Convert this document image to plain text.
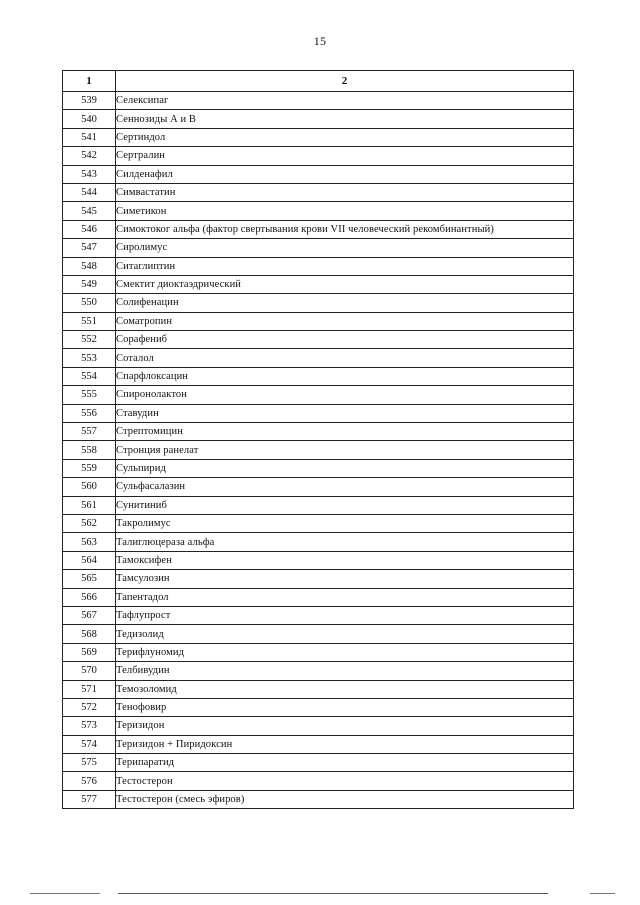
15
1	2
539	Селексипаг
540	Сеннозиды А и В
541	Сертиндол
542	Сертралин
543	Силденафил
544	Симвастатин
545	Симетикон
546	Симоктоког альфа (фактор свертывания крови VII человеческий рекомбинантный)
547	Сиролимус
548	Ситаглиптин
549	Смектит диоктаэдрический
550	Солифенацин
551	Соматропин
552	Сорафениб
553	Соталол
554	Спарфлоксацин
555	Спиронолактон
556	Ставудин
557	Стрептомицин
558	Стронция ранелат
559	Сульпирид
560	Сульфасалазин
561	Сунитиниб
562	Такролимус
563	Талиглюцераза альфа
564	Тамоксифен
565	Тамсулозин
566	Тапентадол
567	Тафлупрост
568	Тедизолид
569	Терифлуномид
570	Телбивудин
571	Темозоломид
572	Тенофовир
573	Теризидон
574	Теризидон + Пиридоксин
575	Терипаратид
576	Тестостерон
577	Тестостерон (смесь эфиров)
